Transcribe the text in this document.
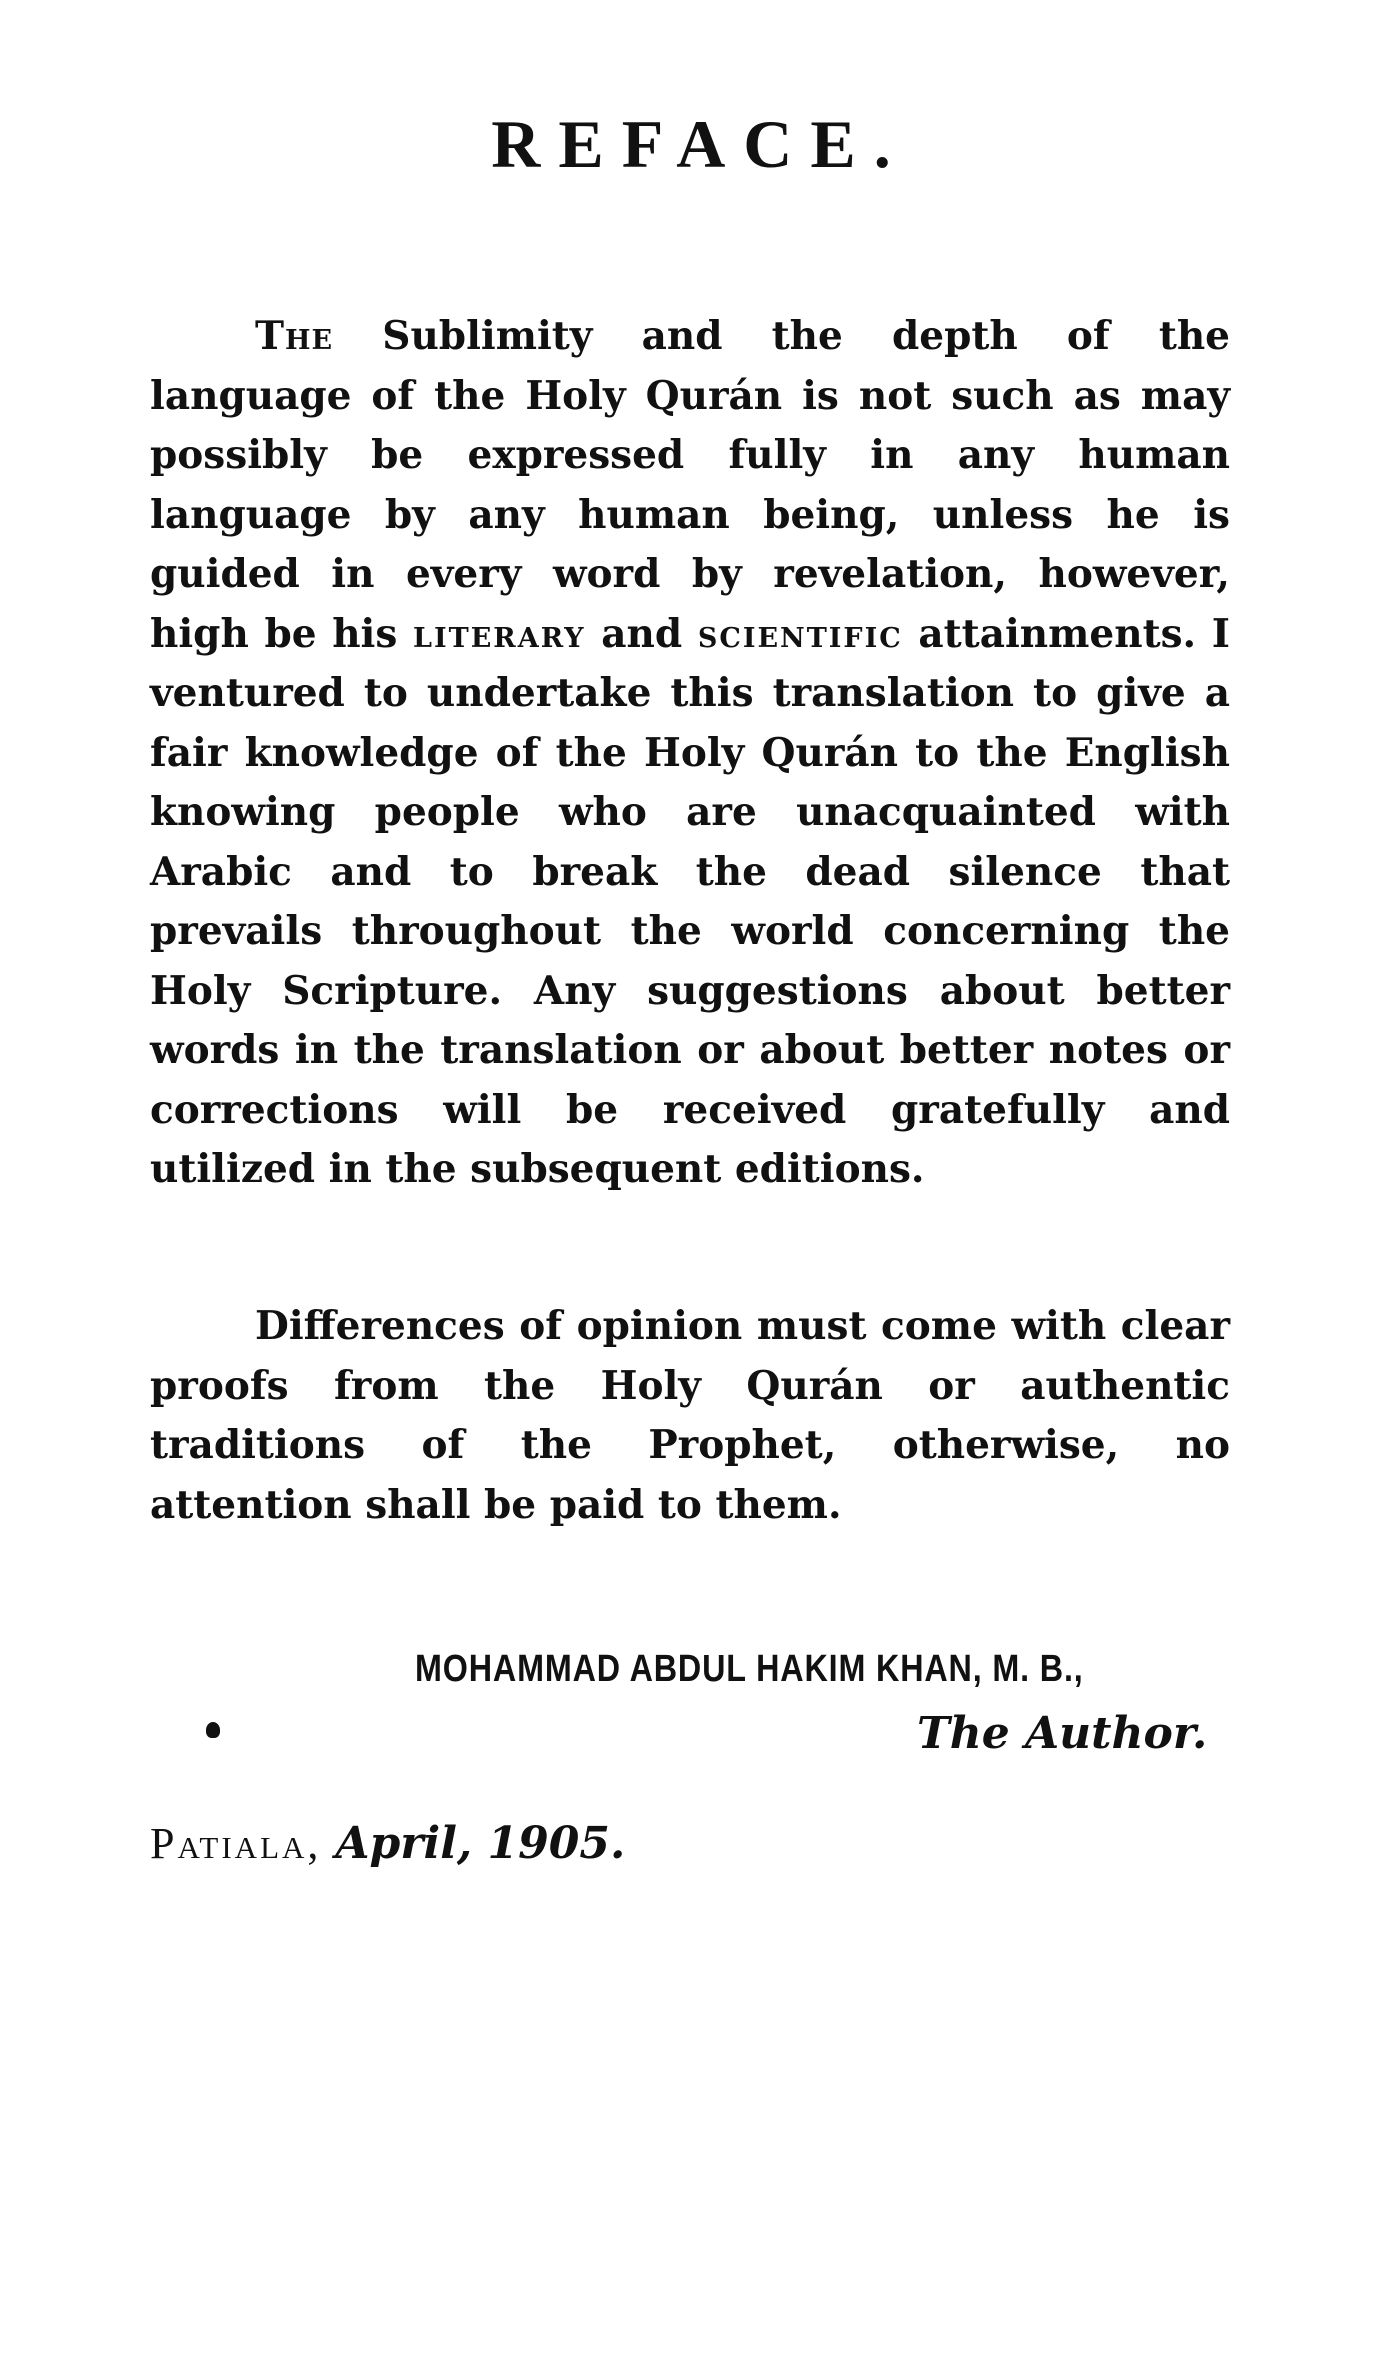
REFACE.

The Sublimity and the depth of the language of the Holy Qurán is not such as may possibly be expressed fully in any human language by any human being, unless he is guided in every word by revelation, however, high be his literary and scientific attainments. I ventured to undertake this translation to give a fair knowledge of the Holy Qurán to the English knowing people who are unacquainted with Arabic and to break the dead silence that prevails throughout the world concerning the Holy Scripture. Any suggestions about better words in the translation or about better notes or corrections will be received gratefully and utilized in the subsequent editions.

Differences of opinion must come with clear proofs from the Holy Qurán or authentic traditions of the Prophet, otherwise, no attention shall be paid to them.

MOHAMMAD ABDUL HAKIM KHAN, M. B.,
The Author.
Patiala, April, 1905.
